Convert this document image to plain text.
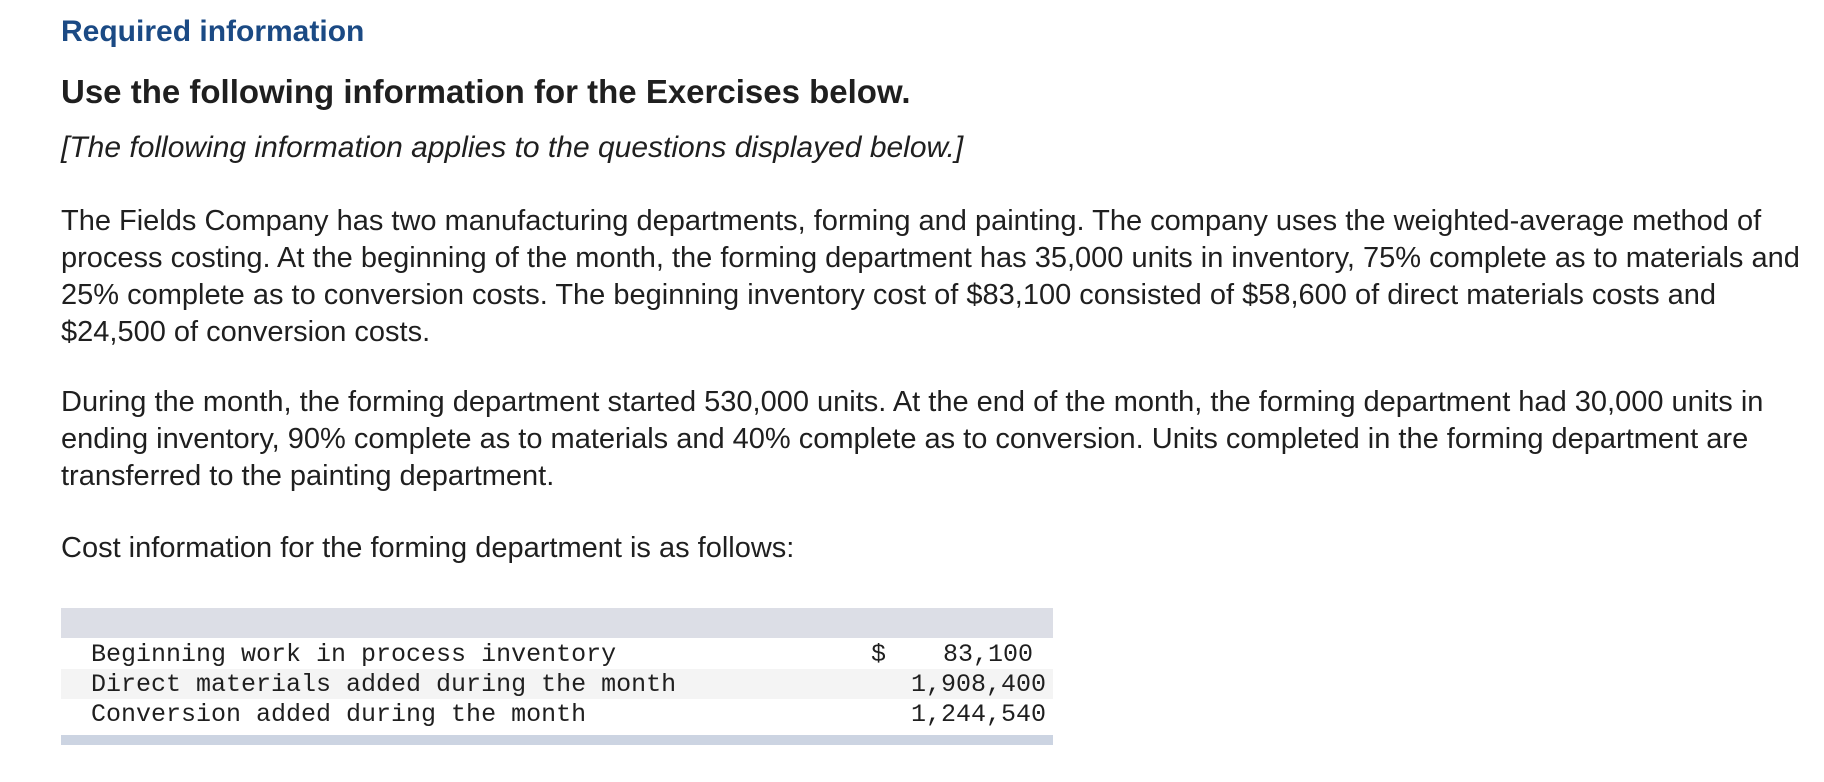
Required information
Use the following information for the Exercises below.
[The following information applies to the questions displayed below.]

The Fields Company has two manufacturing departments, forming and painting. The company uses the weighted-average method of process costing. At the beginning of the month, the forming department has 35,000 units in inventory, 75% complete as to materials and 25% complete as to conversion costs. The beginning inventory cost of $83,100 consisted of $58,600 of direct materials costs and $24,500 of conversion costs.

During the month, the forming department started 530,000 units. At the end of the month, the forming department had 30,000 units in ending inventory, 90% complete as to materials and 40% complete as to conversion. Units completed in the forming department are transferred to the painting department.

Cost information for the forming department is as follows:

Beginning work in process inventory	$	83,100
Direct materials added during the month	1,908,400
Conversion added during the month	1,244,540
